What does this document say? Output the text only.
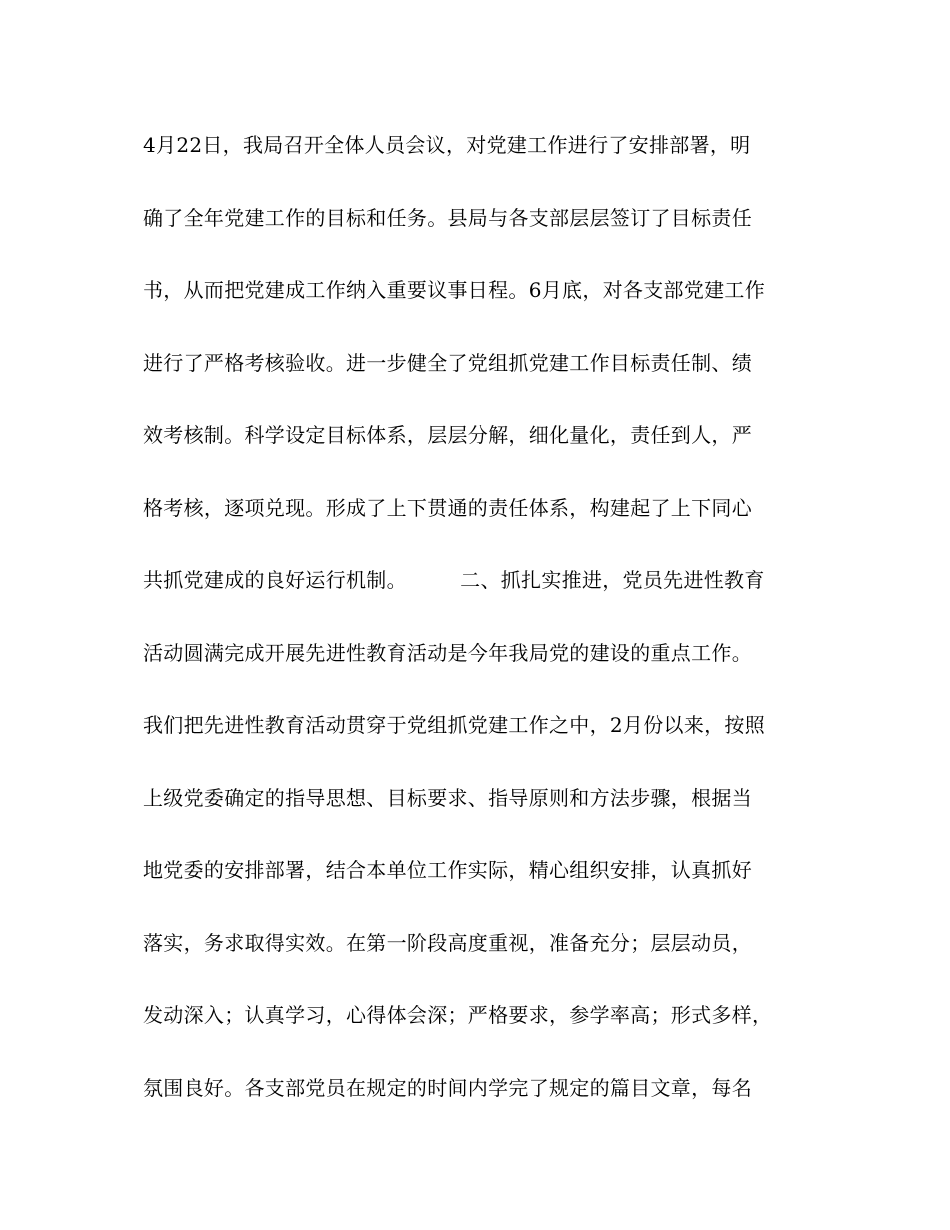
4月22日，我局召开全体人员会议，对党建工作进行了安排部署，明
确了全年党建工作的目标和任务。县局与各支部层层签订了目标责任
书，从而把党建成工作纳入重要议事日程。6月底，对各支部党建工作
进行了严格考核验收。进一步健全了党组抓党建工作目标责任制、绩
效考核制。科学设定目标体系，层层分解，细化量化，责任到人，严
格考核，逐项兑现。形成了上下贯通的责任体系，构建起了上下同心
共抓党建成的良好运行机制。        二、抓扎实推进，党员先进性教育
活动圆满完成开展先进性教育活动是今年我局党的建设的重点工作。
我们把先进性教育活动贯穿于党组抓党建工作之中，2月份以来，按照
上级党委确定的指导思想、目标要求、指导原则和方法步骤，根据当
地党委的安排部署，结合本单位工作实际，精心组织安排，认真抓好
落实，务求取得实效。在第一阶段高度重视，准备充分；层层动员，
发动深入；认真学习，心得体会深；严格要求，参学率高；形式多样，
氛围良好。各支部党员在规定的时间内学完了规定的篇目文章，每名
